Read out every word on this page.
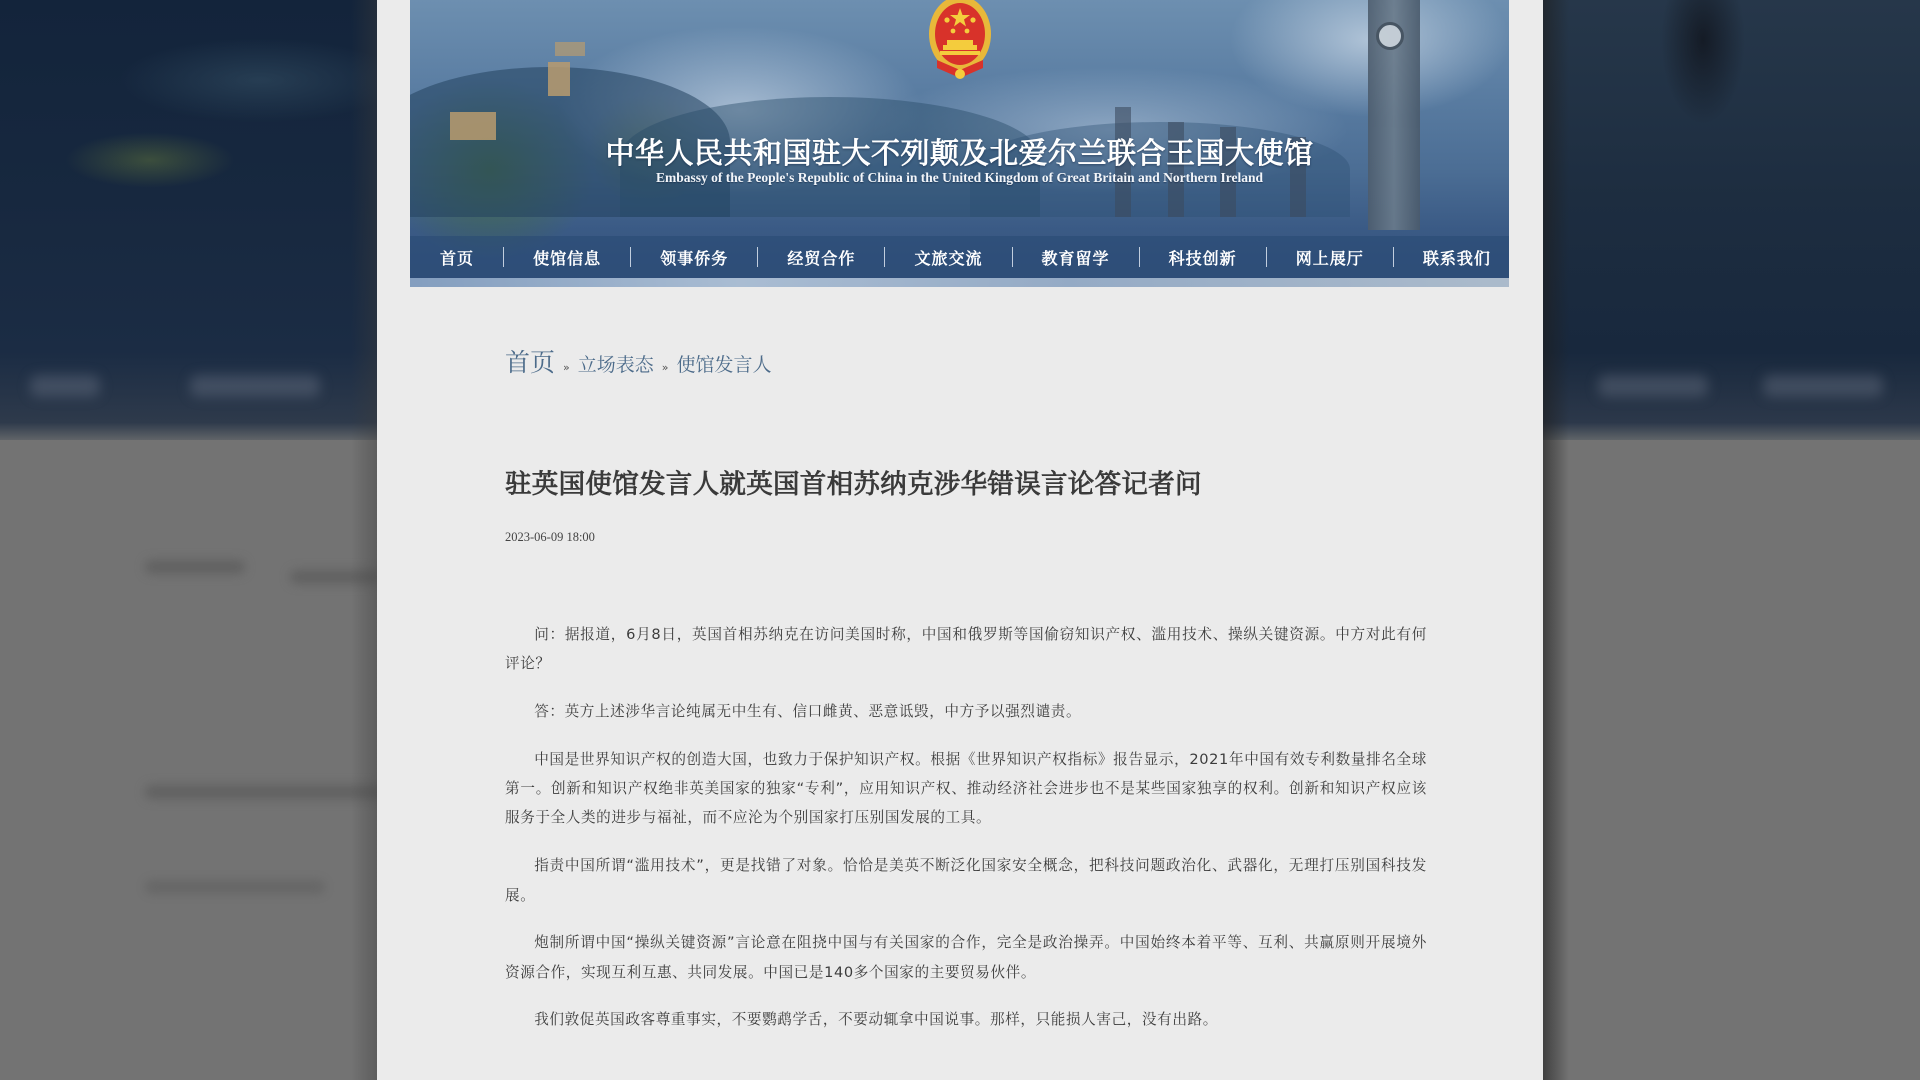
中华人民共和国驻大不列颠及北爱尔兰联合王国大使馆
Embassy of the People's Republic of China in the United Kingdom of Great Britain and Northern Ireland
首页	使馆信息	领事侨务	经贸合作	文旅交流	教育留学	科技创新	网上展厅	联系我们
首页 » 立场表态 » 使馆发言人
驻英国使馆发言人就英国首相苏纳克涉华错误言论答记者问
2023-06-09 18:00

问：据报道，6月8日，英国首相苏纳克在访问美国时称，中国和俄罗斯等国偷窃知识产权、滥用技术、操纵关键资源。中方对此有何评论？

答：英方上述涉华言论纯属无中生有、信口雌黄、恶意诋毁，中方予以强烈谴责。

中国是世界知识产权的创造大国，也致力于保护知识产权。根据《世界知识产权指标》报告显示，2021年中国有效专利数量排名全球第一。创新和知识产权绝非英美国家的独家“专利”，应用知识产权、推动经济社会进步也不是某些国家独享的权利。创新和知识产权应该服务于全人类的进步与福祉，而不应沦为个别国家打压别国发展的工具。

指责中国所谓“滥用技术”，更是找错了对象。恰恰是美英不断泛化国家安全概念，把科技问题政治化、武器化，无理打压别国科技发展。

炮制所谓中国“操纵关键资源”言论意在阻挠中国与有关国家的合作，完全是政治操弄。中国始终本着平等、互利、共赢原则开展境外资源合作，实现互利互惠、共同发展。中国已是140多个国家的主要贸易伙伴。

我们敦促英国政客尊重事实，不要鹦鹉学舌，不要动辄拿中国说事。那样，只能损人害己，没有出路。
